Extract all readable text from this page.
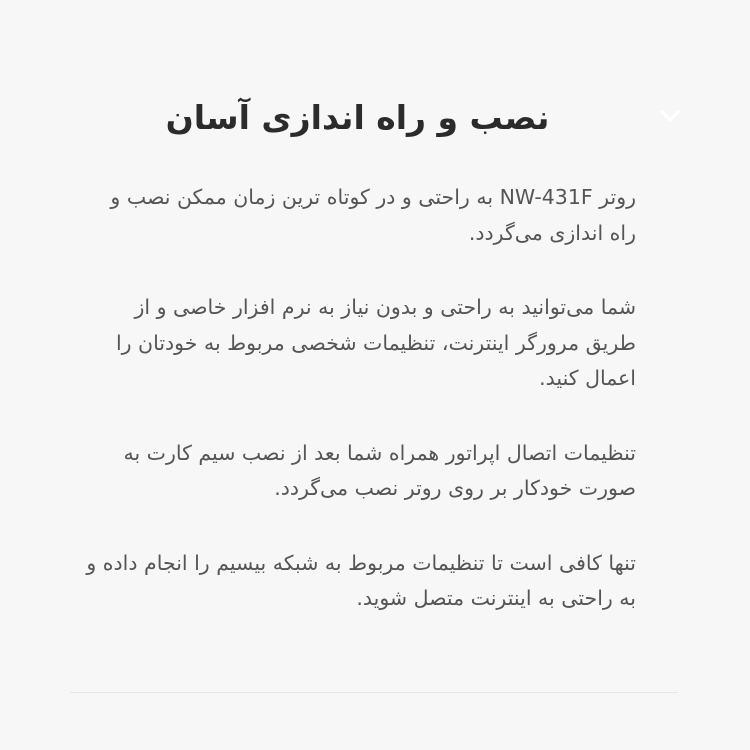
نصب و راه اندازی آسان

روتر NW-431F به راحتی و در کوتاه ترین زمان ممکن نصب و راه اندازی می‌گردد.

شما می‌توانید به راحتی و بدون نیاز به نرم افزار خاصی و از طریق مرورگر اینترنت، تنظیمات شخصی مربوط به خودتان را اعمال کنید.

تنظیمات اتصال اپراتور همراه شما بعد از نصب سیم کارت به صورت خودکار بر روی روتر نصب می‌گردد.

تنها کافی است تا تنظیمات مربوط به شبکه بیسیم را انجام داده و به راحتی به اینترنت متصل شوید.
